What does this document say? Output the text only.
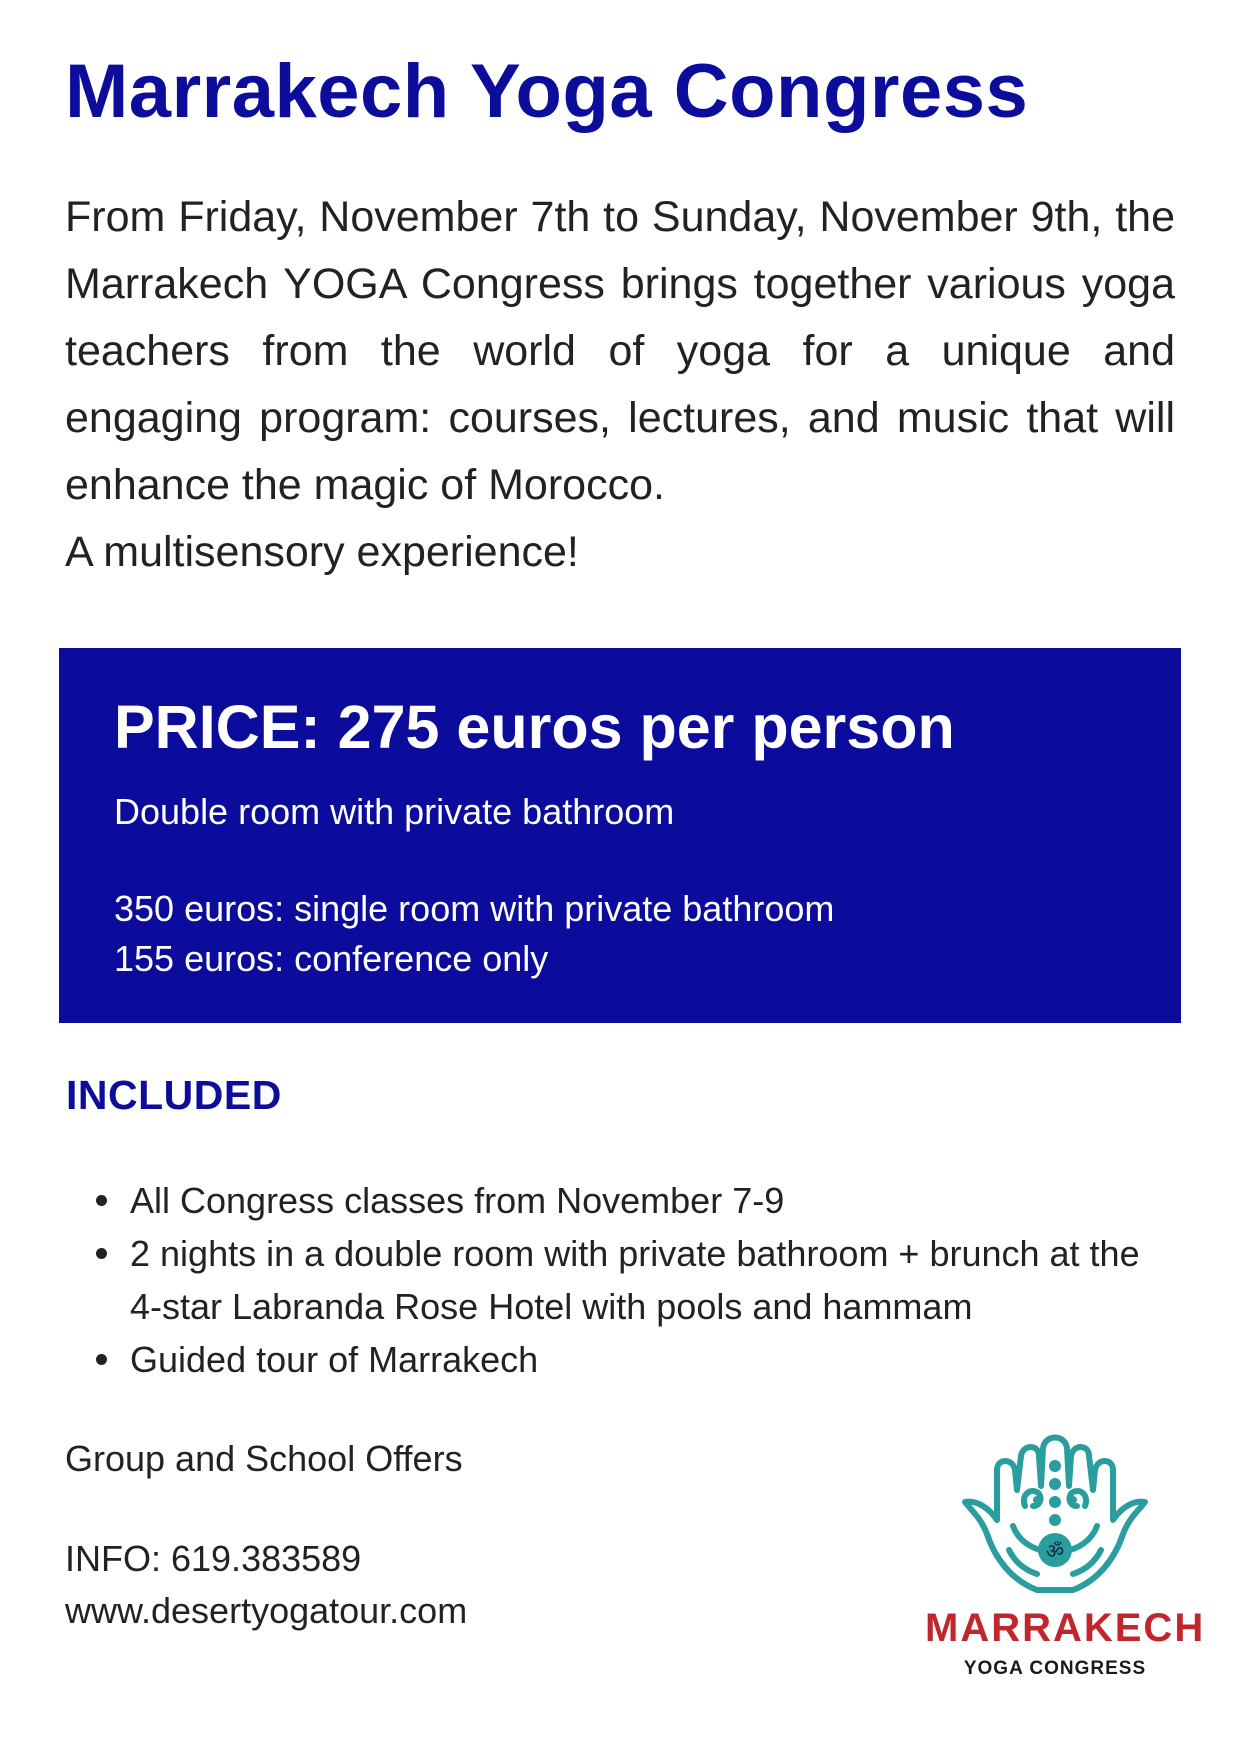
Marrakech Yoga Congress

From Friday, November 7th to Sunday, November 9th, the Marrakech YOGA Congress brings together various yoga teachers from the world of yoga for a unique and engaging program: courses, lectures, and music that will enhance the magic of Morocco.
A multisensory experience!

PRICE: 275 euros per person
Double room with private bathroom
350 euros: single room with private bathroom
155 euros: conference only
INCLUDED
All Congress classes from November 7-9
2 nights in a double room with private bathroom + brunch at the 4-star Labranda Rose Hotel with pools and hammam
Guided tour of Marrakech
Group and School Offers
INFO: 619.383589
www.desertyogatour.com
ॐ
MARRAKECH
YOGA CONGRESS
